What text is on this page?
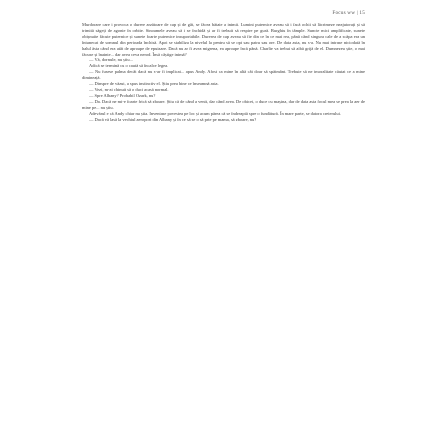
Focus ww | 15

Murdorare care i provoca o durere arzătoare de cap și de gât, se făcea bătaie a inimii. Lumini puternice aveau să i facă ochii să lăcrimeze neajutorați și să trimită săgeți de agonie în orbite. Sinoamele aveau să i se închidă și ar fi trebuit să respire pe gură. Burghiu în tâmple. Suncte mici amplificate, sunete obișnuite făcute puternice și sunete foarte puternice insuportabile. Durerea de cap aveau să fie din ce în ce mai rea, până când singura cale de a scăpa era un întunecat de somnul din perioada închisă. Apoi se stabiliza la nivelul la pentru să se opt sau patru sau ore. De data asta, nu s-a. Nu mai intrase niciodată în halul ăsta când era atât de aproape de epuizare. Dacă nu ar fi avea migrena, ea aproape încă până. Charlie va trebui să aibă grijă de el. Dumnezeu știe, o mai făcuse și înainte... dar avea ceva nerod. Însă câștige inimă?

— Vă, dornule, nu știu...

Adică se termină cu o caută să încalce legea.

— Nu fusese palma decât dacă nu s-ar fi implicat... apus Andy. Afost ca mine în altă cât doar să spăimânt. Trebuie să ne imoralitate căutat ce a mine dimineață.

— Dinspre de văzut, a spus instinctiv el. Știu prea bine ce înseamnă asta.

— Vezi, m-ai chinuit să o duci acasă normal.

— Spre Albany? Probabil Ozark, nu?

— Da. Dacă ne mi-e foarte frică să zboare. Știu că de când a venit, dar când avea. De obicei, o duce cu mașina, dar de data asta focul mea se prea la aer de mine pe... nu știu.

Adevărul e că Andy chiar nu știa. Inventase povestea pe loc și acum părea că se îndreaptă spre o fundătură. În mare parte, se datora creierului.

— Dacă vă lasă la vechiul aeroport din Albany și în ce să se o să prie pe mama, să zboare, nu?
